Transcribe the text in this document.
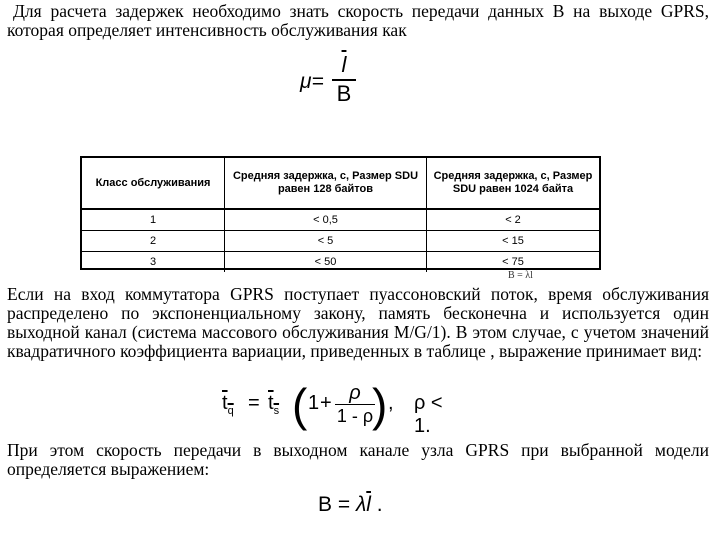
Для расчета задержек необходимо знать скорость передачи данных B на выходе GPRS, которая определяет интенсивность обслуживания как

μ=
$\overline{l}$
B
Класс обслуживания	Средняя задержка, с, Размер SDU равен 128 байтов	Средняя задержка, с, Размер SDU равен 1024 байта
1	< 0,5	< 2
2	< 5	< 15
3	< 50	< 75
B = λl

Если на вход коммутатора GPRS поступает пуассоновский поток, время обслуживания распределено по экспоненциальному закону, память бесконечна и используется один выходной канал (система массового обслуживания M/G/1). В этом случае, с учетом значений квадратичного коэффициента вариации, приведенных в таблице , выражение принимает вид:

$t_q = t_s$ ( 1 + ρ
1 - ρ
) , ρ < 1.

При этом скорость передачи в выходном канале узла GPRS при выбранной модели определяется выражением:

$B = \lambda\overline{l}$ .
